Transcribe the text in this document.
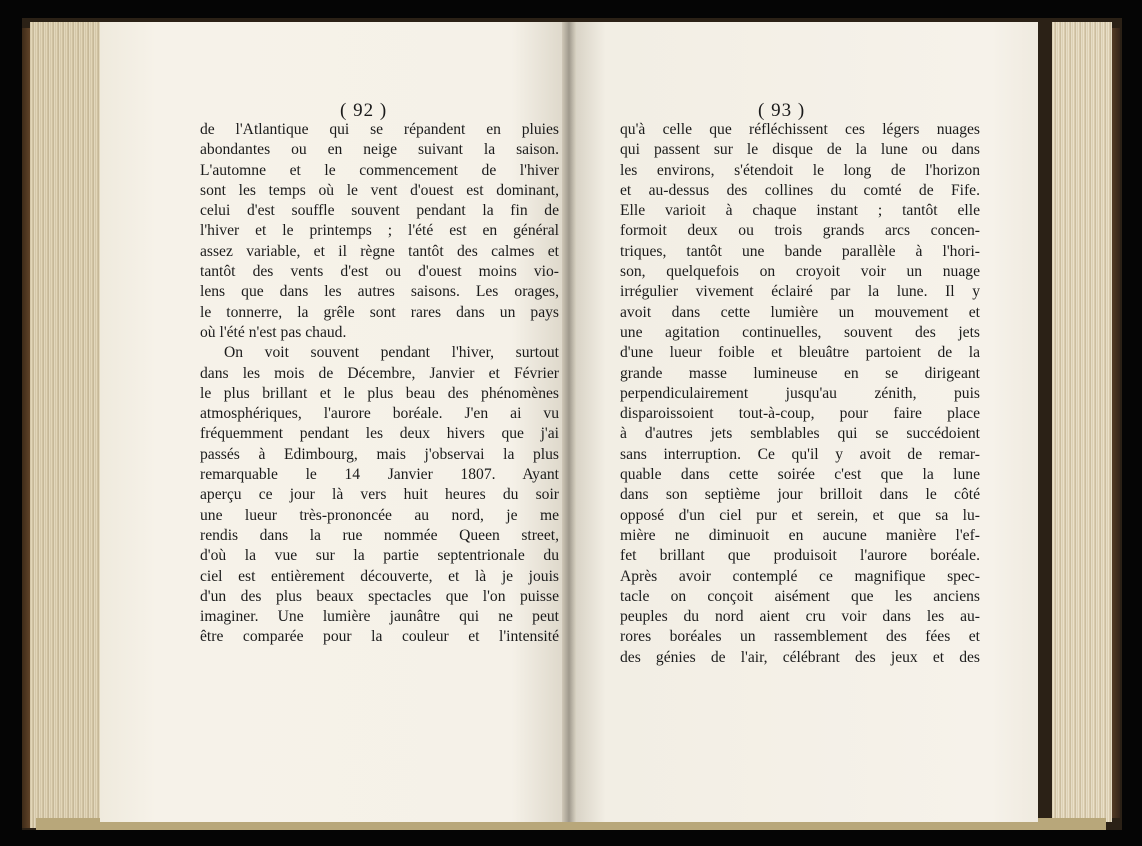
( 92 )
de l'Atlantique qui se répandent en pluies
abondantes ou en neige suivant la saison.
L'automne et le commencement de l'hiver
sont les temps où le vent d'ouest est dominant,
celui d'est souffle souvent pendant la fin de
l'hiver et le printemps ; l'été est en général
assez variable, et il règne tantôt des calmes et
tantôt des vents d'est ou d'ouest moins vio-
lens que dans les autres saisons. Les orages,
le tonnerre, la grêle sont rares dans un pays
où l'été n'est pas chaud.
On voit souvent pendant l'hiver, surtout
dans les mois de Décembre, Janvier et Février
le plus brillant et le plus beau des phénomènes
atmosphériques, l'aurore boréale. J'en ai vu
fréquemment pendant les deux hivers que j'ai
passés à Edimbourg, mais j'observai la plus
remarquable le 14 Janvier 1807. Ayant
aperçu ce jour là vers huit heures du soir
une lueur très-prononcée au nord, je me
rendis dans la rue nommée Queen street,
d'où la vue sur la partie septentrionale du
ciel est entièrement découverte, et là je jouis
d'un des plus beaux spectacles que l'on puisse
imaginer. Une lumière jaunâtre qui ne peut
être comparée pour la couleur et l'intensité
( 93 )
qu'à celle que réfléchissent ces légers nuages
qui passent sur le disque de la lune ou dans
les environs, s'étendoit le long de l'horizon
et au-dessus des collines du comté de Fife.
Elle varioit à chaque instant ; tantôt elle
formoit deux ou trois grands arcs concen-
triques, tantôt une bande parallèle à l'hori-
son, quelquefois on croyoit voir un nuage
irrégulier vivement éclairé par la lune. Il y
avoit dans cette lumière un mouvement et
une agitation continuelles, souvent des jets
d'une lueur foible et bleuâtre partoient de la
grande masse lumineuse en se dirigeant
perpendiculairement jusqu'au zénith, puis
disparoissoient tout-à-coup, pour faire place
à d'autres jets semblables qui se succédoient
sans interruption. Ce qu'il y avoit de remar-
quable dans cette soirée c'est que la lune
dans son septième jour brilloit dans le côté
opposé d'un ciel pur et serein, et que sa lu-
mière ne diminuoit en aucune manière l'ef-
fet brillant que produisoit l'aurore boréale.
Après avoir contemplé ce magnifique spec-
tacle on conçoit aisément que les anciens
peuples du nord aient cru voir dans les au-
rores boréales un rassemblement des fées et
des génies de l'air, célébrant des jeux et des
